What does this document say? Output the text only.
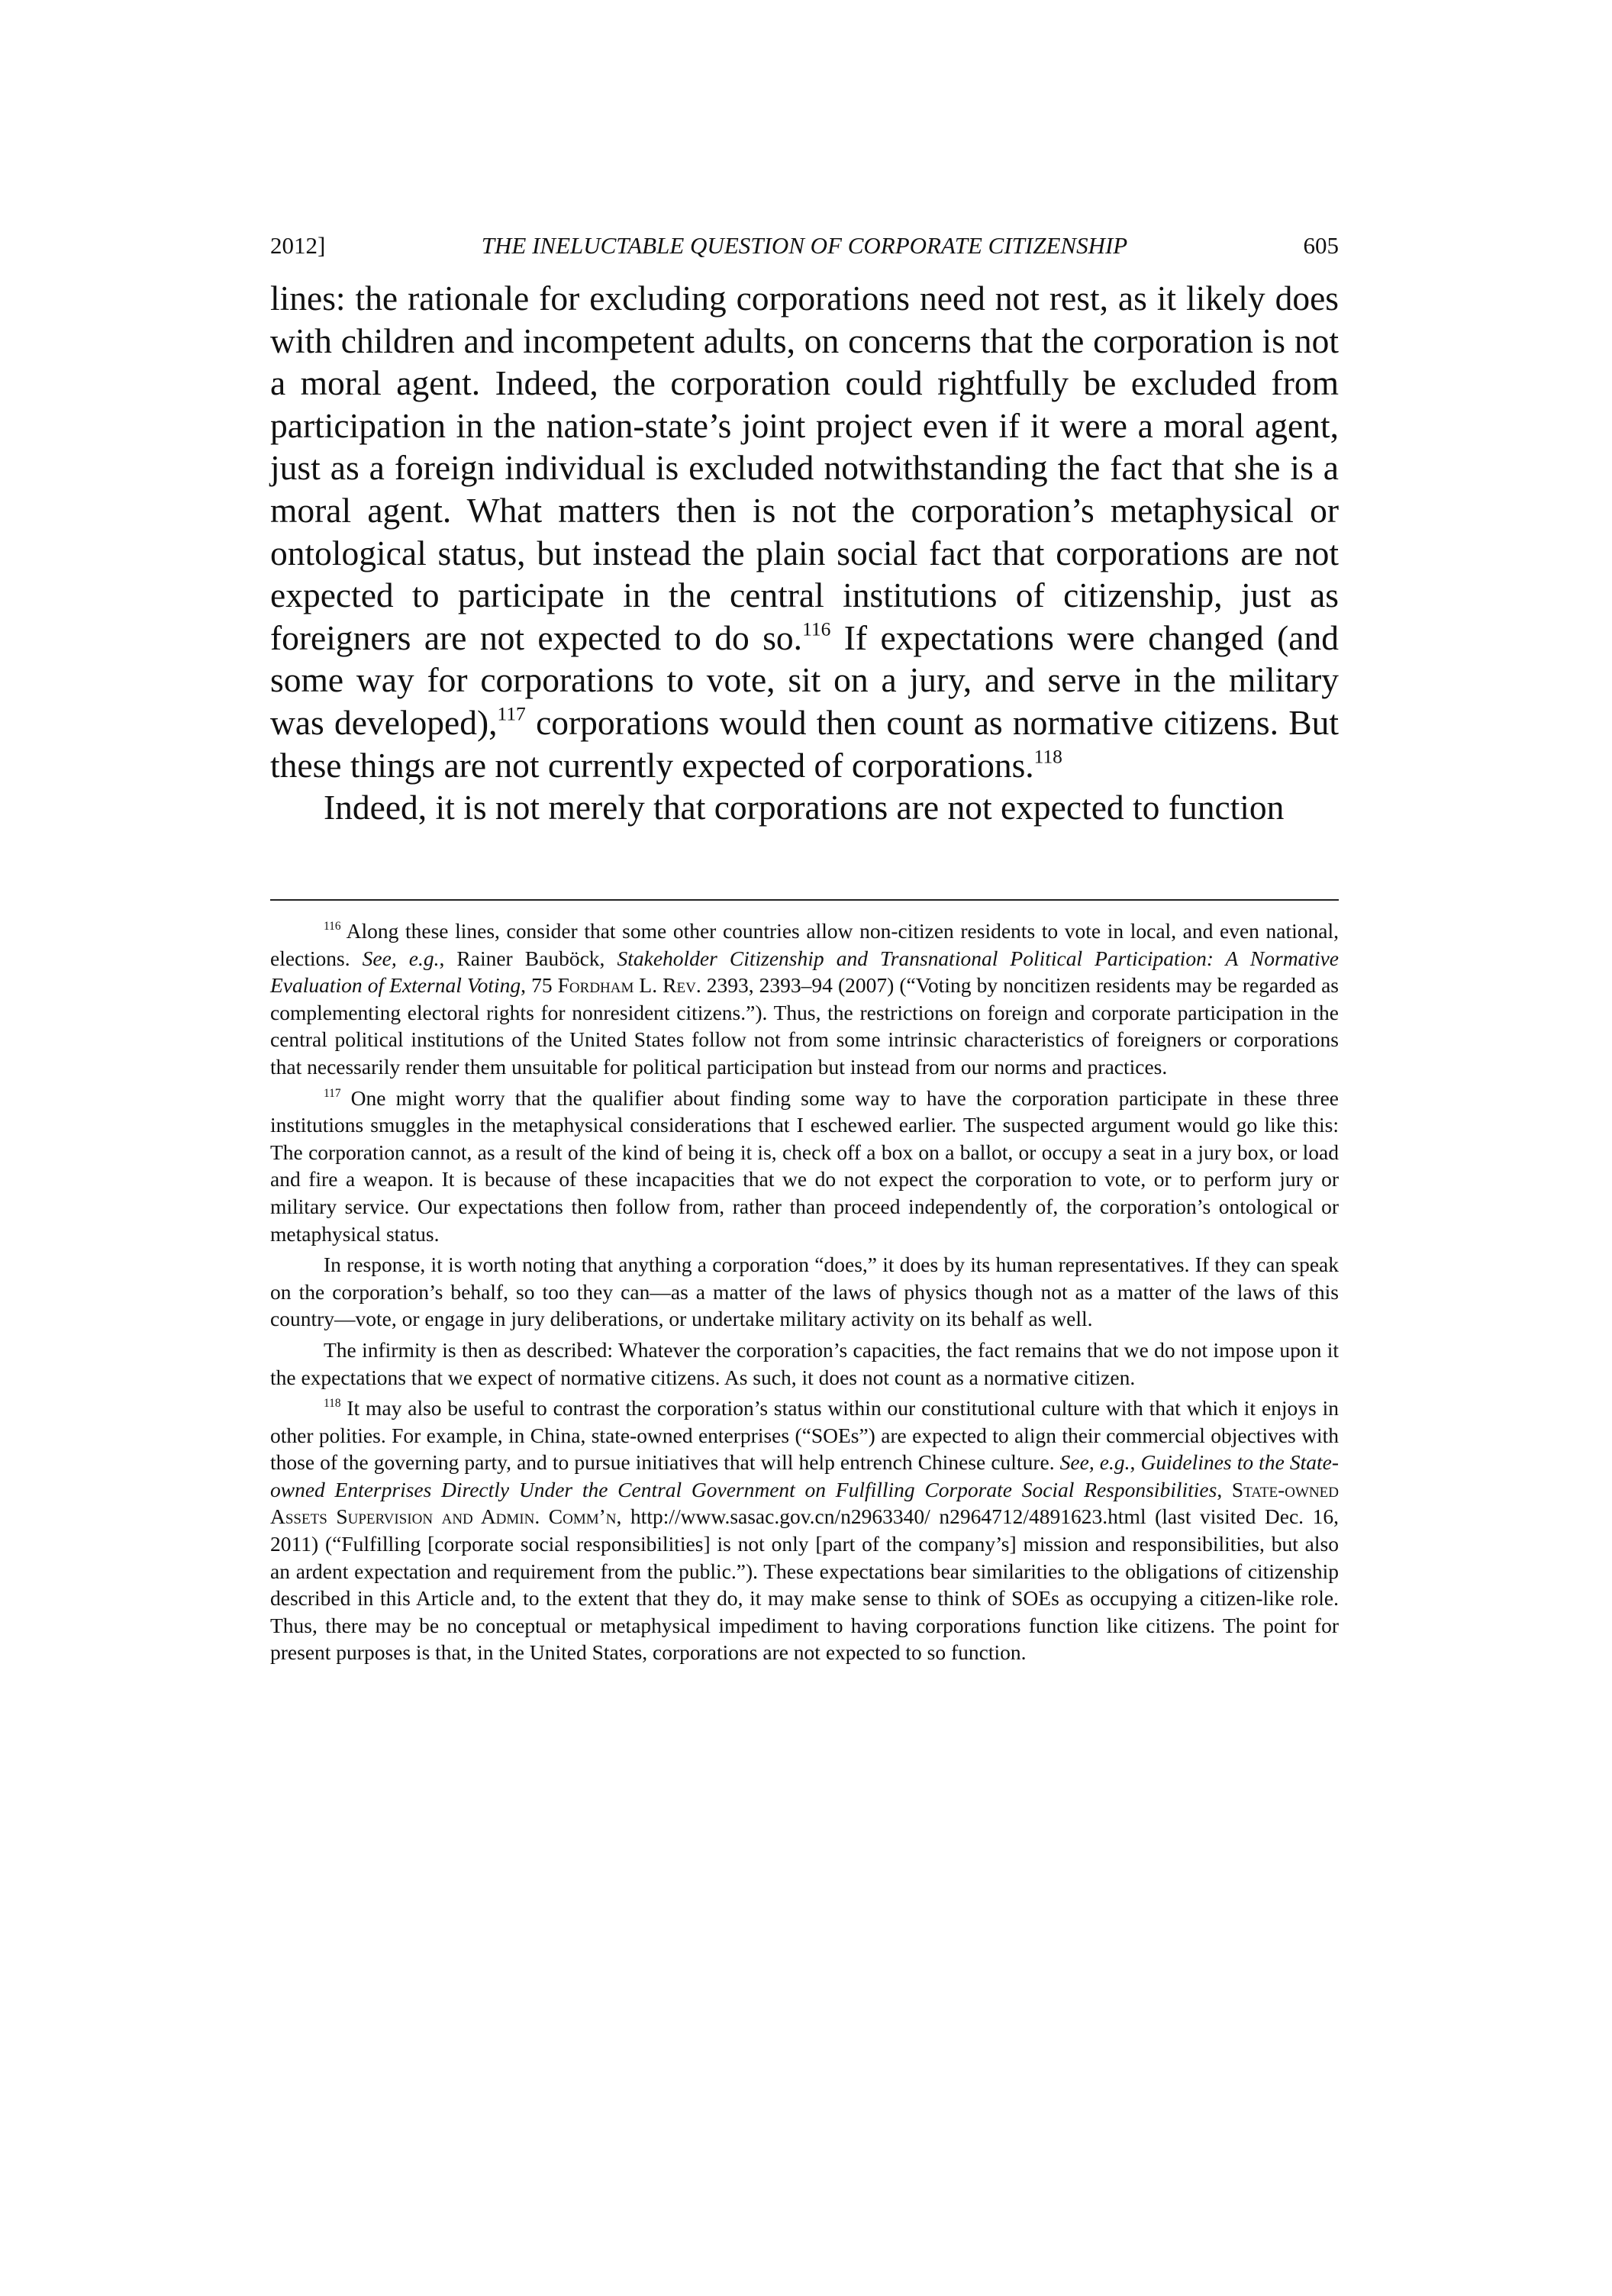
2012]	THE INELUCTABLE QUESTION OF CORPORATE CITIZENSHIP	605

lines: the rationale for excluding corporations need not rest, as it likely does with children and incompetent adults, on concerns that the corporation is not a moral agent. Indeed, the corporation could rightfully be excluded from participation in the nation-state’s joint project even if it were a moral agent, just as a foreign individual is excluded notwithstanding the fact that she is a moral agent. What matters then is not the corporation’s metaphysical or ontological status, but instead the plain social fact that corporations are not expected to participate in the central institutions of citizenship, just as foreigners are not expected to do so.$^{116}$ If expectations were changed (and some way for corporations to vote, sit on a jury, and serve in the military was developed),$^{117}$ corporations would then count as normative citizens. But these things are not currently expected of corporations.$^{118}$

Indeed, it is not merely that corporations are not expected to function

$^{116}$ Along these lines, consider that some other countries allow non-citizen residents to vote in local, and even national, elections. See, e.g., Rainer Bauböck, Stakeholder Citizenship and Transnational Political Participation: A Normative Evaluation of External Voting, 75 Fordham L. Rev. 2393, 2393–94 (2007) (“Voting by noncitizen residents may be regarded as complementing electoral rights for nonresident citizens.”). Thus, the restrictions on foreign and corporate participation in the central political institutions of the United States follow not from some intrinsic characteristics of foreigners or corporations that necessarily render them unsuitable for political participation but instead from our norms and practices.

$^{117}$ One might worry that the qualifier about finding some way to have the corporation participate in these three institutions smuggles in the metaphysical considerations that I eschewed earlier. The suspected argument would go like this: The corporation cannot, as a result of the kind of being it is, check off a box on a ballot, or occupy a seat in a jury box, or load and fire a weapon. It is because of these incapacities that we do not expect the corporation to vote, or to perform jury or military service. Our expectations then follow from, rather than proceed independently of, the corporation’s ontological or metaphysical status.

In response, it is worth noting that anything a corporation “does,” it does by its human representatives. If they can speak on the corporation’s behalf, so too they can—as a matter of the laws of physics though not as a matter of the laws of this country—vote, or engage in jury deliberations, or undertake military activity on its behalf as well.

The infirmity is then as described: Whatever the corporation’s capacities, the fact remains that we do not impose upon it the expectations that we expect of normative citizens. As such, it does not count as a normative citizen.

$^{118}$ It may also be useful to contrast the corporation’s status within our constitutional culture with that which it enjoys in other polities. For example, in China, state-owned enterprises (“SOEs”) are expected to align their commercial objectives with those of the governing party, and to pursue initiatives that will help entrench Chinese culture. See, e.g., Guidelines to the State-owned Enterprises Directly Under the Central Government on Fulfilling Corporate Social Responsibilities, State-owned Assets Supervision and Admin. Comm’n, http://www.sasac.gov.cn/n2963340/ n2964712/4891623.html (last visited Dec. 16, 2011) (“Fulfilling [corporate social responsibilities] is not only [part of the company’s] mission and responsibilities, but also an ardent expectation and requirement from the public.”). These expectations bear similarities to the obligations of citizenship described in this Article and, to the extent that they do, it may make sense to think of SOEs as occupying a citizen-like role. Thus, there may be no conceptual or metaphysical impediment to having corporations function like citizens. The point for present purposes is that, in the United States, corporations are not expected to so function.
